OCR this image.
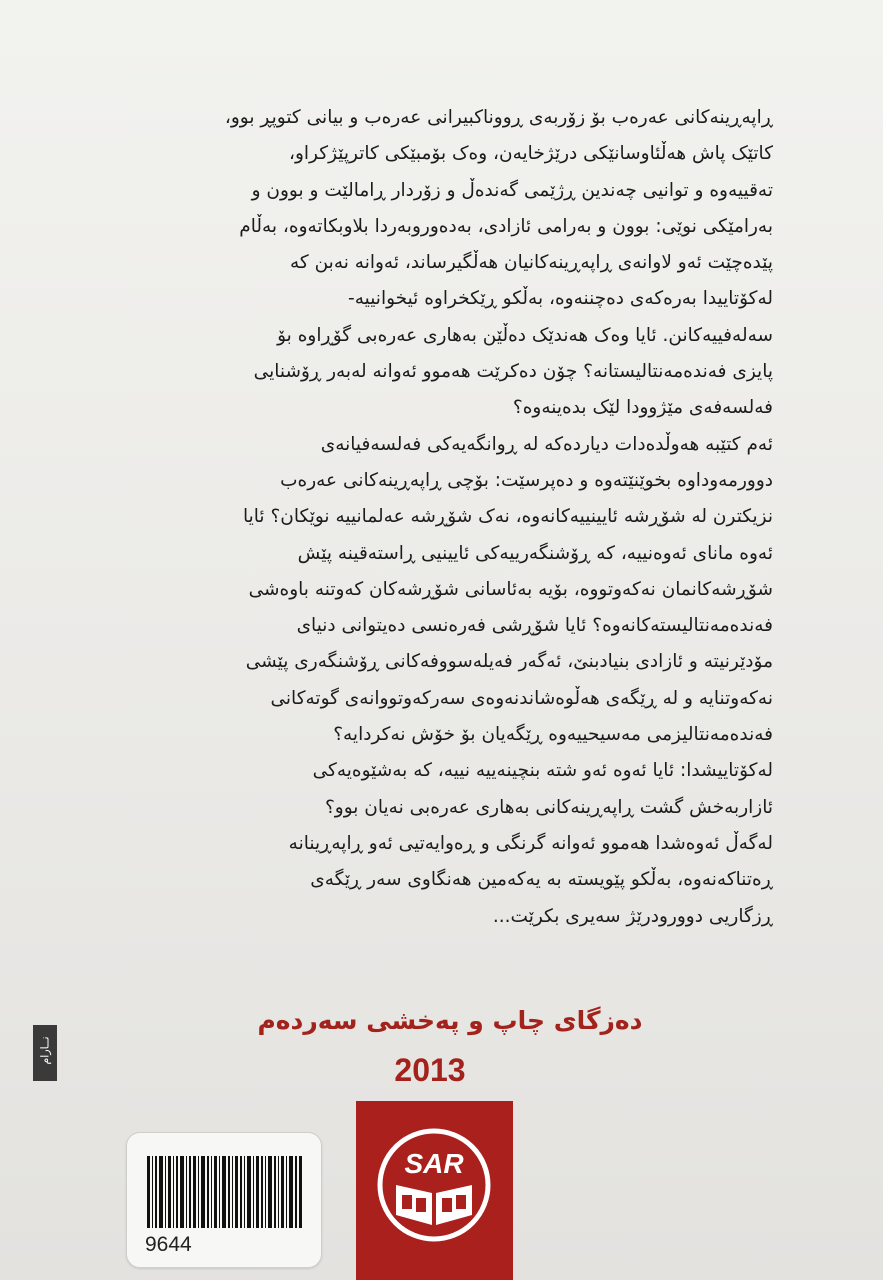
ڕاپەڕینەکانی عەرەب بۆ زۆربەی ڕووناکبیرانی عەرەب و بیانی کتوپڕ بوو،
کاتێک پاش هەڵئاوسانێکی درێژخایەن، وەک بۆمبێکی کاترپێژکراو،
تەقییەوە و توانیی چەندین ڕژێمی گەندەڵ و زۆردار ڕامالێت و بوون و
بەرامێکی نوێی: بوون و بەرامی ئازادی، بەدەوروبەردا بلاوبکاتەوە، بەڵام
پێدەچێت ئەو لاوانەی ڕاپەڕینەکانیان هەڵگیرساند، ئەوانە نەبن کە
لەکۆتاییدا بەرەکەی دەچننەوە، بەڵکو ڕێکخراوە ئیخوانییە-
سەلەفییەکانن. ئایا وەک هەندێک دەڵێن بەهاری عەرەبی گۆڕاوە بۆ
پایزی فەندەمەنتالیستانە؟ چۆن دەکرێت هەموو ئەوانە لەبەر ڕۆشنایی
فەلسەفەی مێژوودا لێک بدەینەوە؟
ئەم کتێبە هەوڵدەدات دیاردەکە لە ڕوانگەیەکی فەلسەفیانەی
دوورمەوداوە بخوێنێتەوە و دەپرسێت: بۆچی ڕاپەڕینەکانی عەرەب
نزیکترن لە شۆڕشە ئایینییەکانەوە، نەک شۆڕشە عەلمانییە نوێکان؟ ئایا
ئەوە مانای ئەوەنییە، کە ڕۆشنگەرییەکی ئایینیی ڕاستەقینە پێش
شۆڕشەکانمان نەکەوتووە، بۆیە بەئاسانی شۆڕشەکان کەوتنە باوەشی
فەندەمەنتالیستەکانەوە؟ ئایا شۆڕشی فەرەنسی دەیتوانی دنیای
مۆدێرنیتە و ئازادی بنیادبنێ، ئەگەر فەیلەسووفەکانی ڕۆشنگەری پێشی
نەکەوتنایە و لە ڕێگەی هەڵوەشاندنەوەی سەرکەوتووانەی گوتەکانی
فەندەمەنتالیزمی مەسیحییەوە ڕێگەیان بۆ خۆش نەکردایە؟
لەکۆتاییشدا: ئایا ئەوە ئەو شتە بنچینەییە نییە، کە بەشێوەیەکی
ئازاربەخش گشت ڕاپەڕینەکانی بەهاری عەرەبی نەیان بوو؟
لەگەڵ ئەوەشدا هەموو ئەوانە گرنگی و ڕەوایەتیی ئەو ڕاپەڕینانە
ڕەتناکەنەوە، بەڵکو پێویستە بە یەکەمین هەنگاوی سەر ڕێگەی
ڕزگاریی دوورودرێژ سەیری بکرێت...
دەزگای چاپ و پەخشی سەردەم
2013
SAR
نــارام
9644
